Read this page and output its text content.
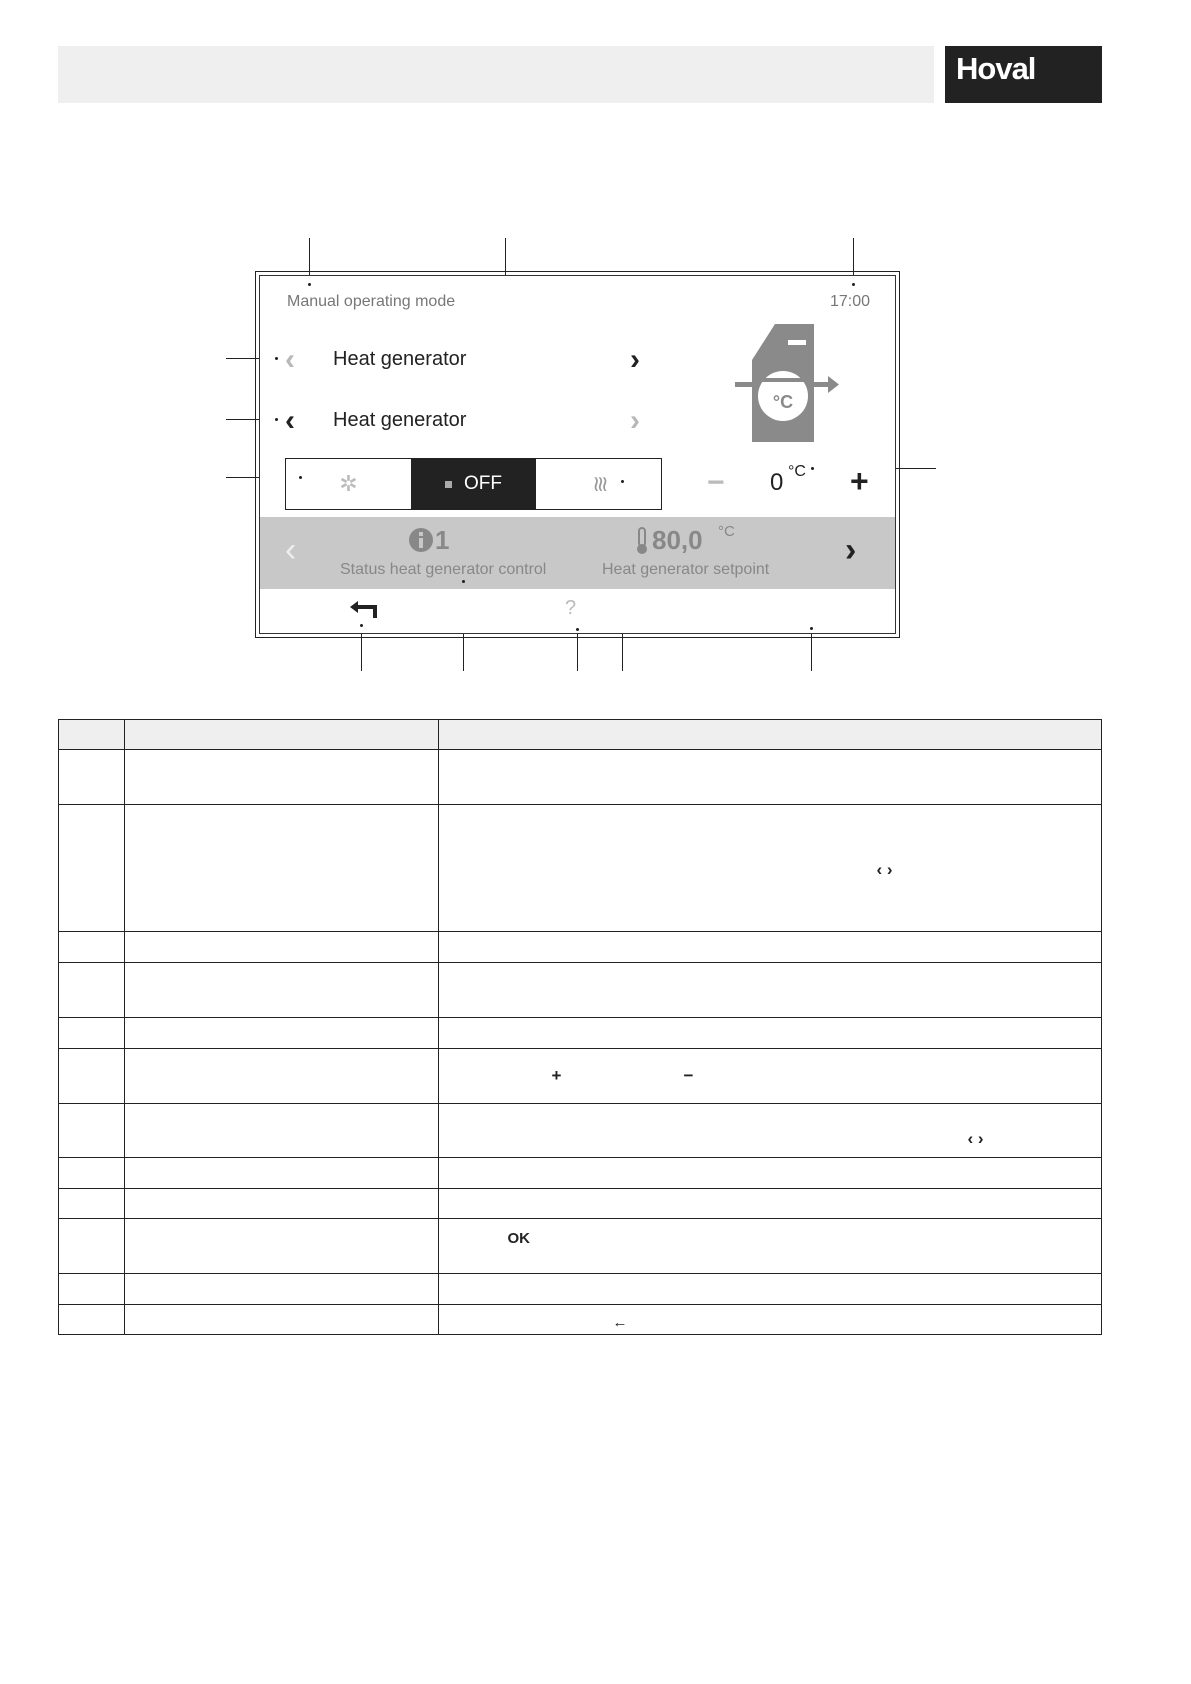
Hoval
Manual operating mode	17:00
‹ Heat generator	›
‹ Heat generator	›
°C
✲	OFF	≀≀≀	− 0 °C +
‹	1
Status heat generator control
80,0 °C
Heat generator setpoint
›
?

		‹ ›

		+ −

		‹ ›

		OK

		←
